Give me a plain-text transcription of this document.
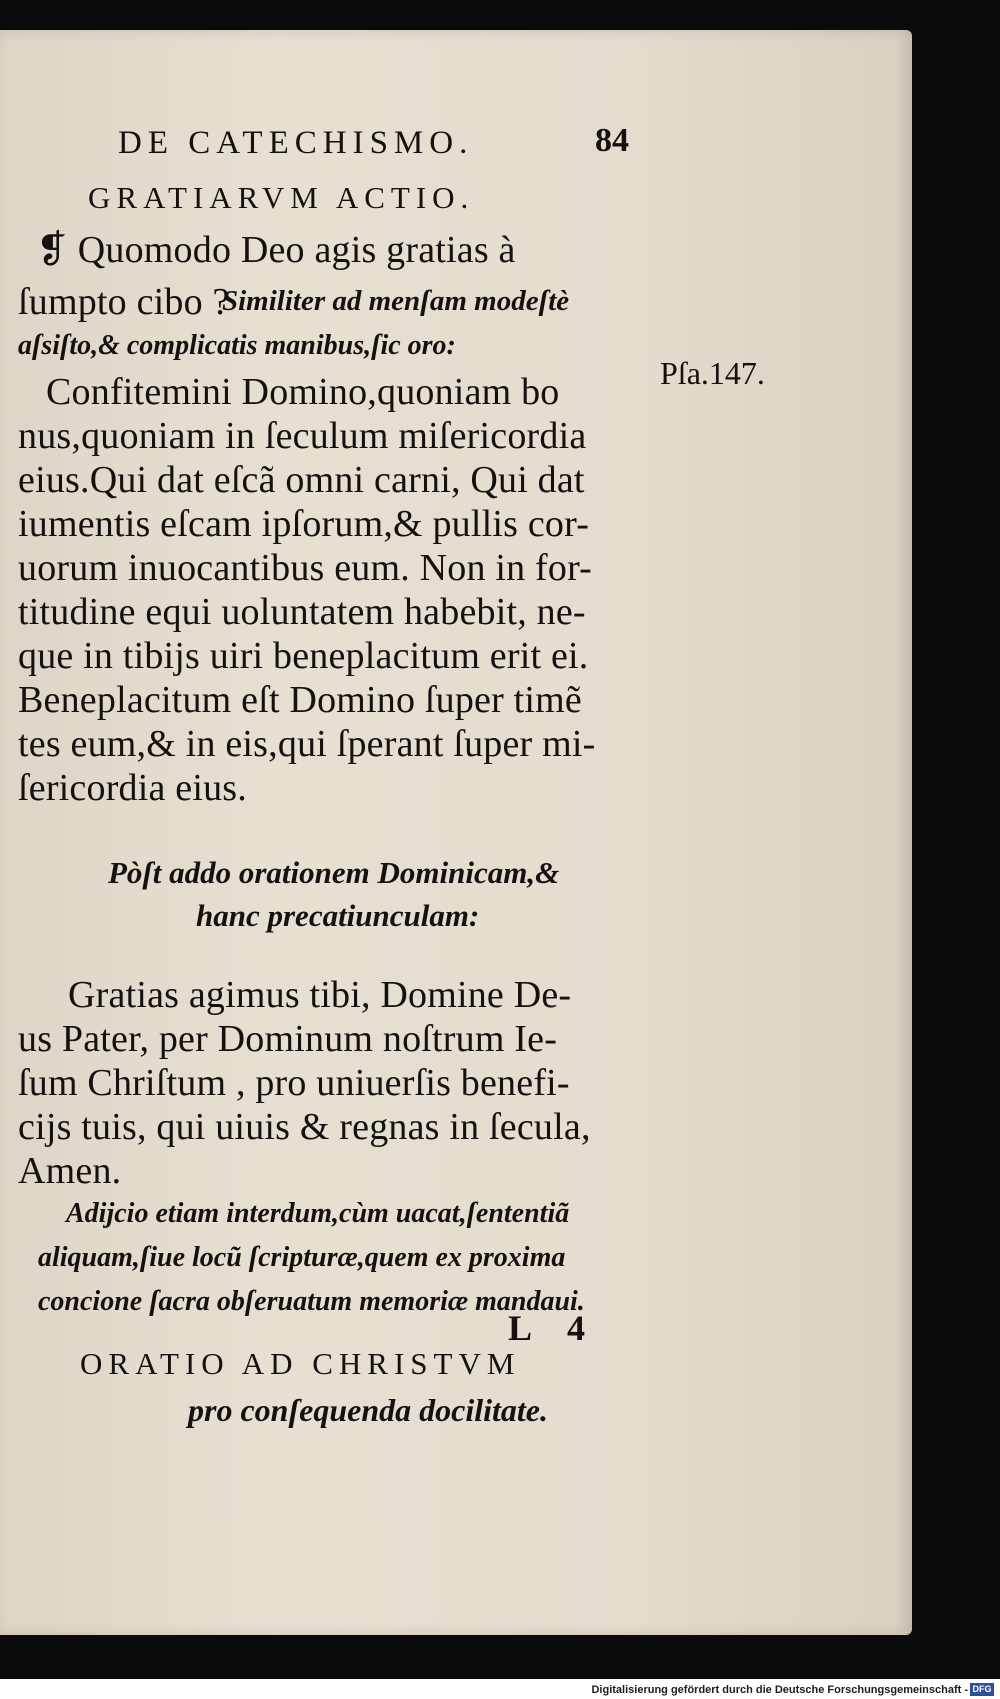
DE CATECHISMO.	84
GRATIARVM ACTIO.
❡ Quomodo Deo agis gratias à
ſumpto cibo ?
Similiter ad menſam modeſtè
aſsiſto,& complicatis manibus,ſic oro:
Pſa.147.
Confitemini Domino,quoniam bo
nus,quoniam in ſeculum miſericordia
eius.Qui dat eſcã omni carni, Qui dat
iumentis eſcam ipſorum,& pullis cor-
uorum inuocantibus eum. Non in for-
titudine equi uoluntatem habebit, ne-
que in tibijs uiri beneplacitum erit ei.
Beneplacitum eſt Domino ſuper timẽ
tes eum,& in eis,qui ſperant ſuper mi-
ſericordia eius.
Pòſt addo orationem Dominicam,&
hanc precatiunculam:
Gratias agimus tibi, Domine De-
us Pater, per Dominum noſtrum Ie-
ſum Chriſtum , pro uniuerſis benefi-
cijs tuis, qui uiuis & regnas in ſecula,
Amen.
Adijcio etiam interdum,cùm uacat,ſententiã
aliquam,ſiue locũ ſcripturæ,quem ex proxima
concione ſacra obſeruatum memoriæ mandaui.
ORATIO AD CHRISTVM
pro conſequenda docilitate.
L 4
Digitalisierung gefördert durch die Deutsche Forschungsgemeinschaft - DFG
